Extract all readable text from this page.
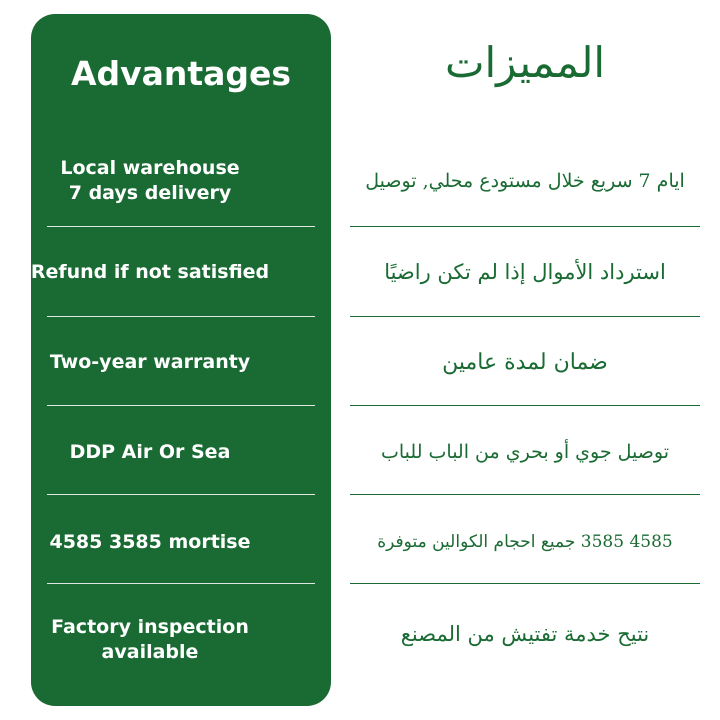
Advantages
Local warehouse
7 days delivery
Refund if not satisfied
Two-year warranty
DDP Air Or Sea
4585 3585 mortise
Factory inspection
available
المميزات
ايام 7 سريع خلال مستودع محلي, توصيل
استرداد الأموال إذا لم تكن راضيًا
ضمان لمدة عامين
توصيل جوي أو بحري من الباب للباب
4585 3585 جميع احجام الكوالين متوفرة
نتيح خدمة تفتيش من المصنع
